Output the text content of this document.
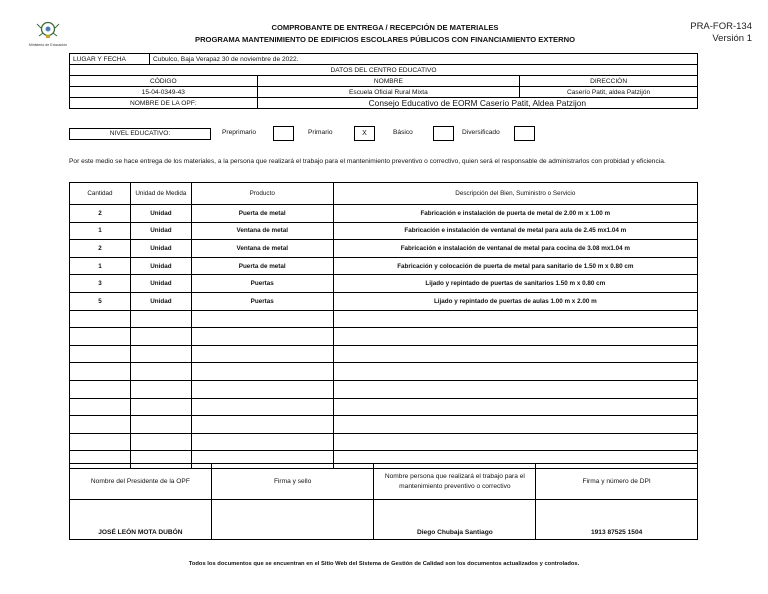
Ministerio de Educación
COMPROBANTE DE ENTREGA / RECEPCIÓN DE MATERIALES
PROGRAMA MANTENIMIENTO DE EDIFICIOS ESCOLARES PÚBLICOS CON FINANCIAMIENTO EXTERNO
PRA-FOR-134
Versión 1
LUGAR Y FECHA	Cubulco, Baja Verapaz 30 de noviembre de 2022.		
DATOS DEL CENTRO EDUCATIVO			
CÓDIGO		NOMBRE	DIRECCIÓN
15-04-0349-43		Escuela Oficial Rural Mixta	Caserío Patit, aldea Patzijón
NOMBRE DE LA OPF:		Consejo Educativo de EORM Caserío Patit, Aldea Patzijon	
NIVEL EDUCATIVO:	Preprimario	Primario	X	Básico	Diversificado
Por este medio se hace entrega de los materiales, a la persona que realizará el trabajo para el mantenimiento preventivo o correctivo, quien será el responsable de administrarlos con probidad y eficiencia.
Cantidad	Unidad de Medida	Producto	Descripción del Bien, Suministro o Servicio
2	Unidad	Puerta de metal	Fabricación e instalación de puerta de metal de 2.00 m x 1.00 m
1	Unidad	Ventana de metal	Fabricación e instalación de ventanal de metal para aula de 2.45 mx1.04 m
2	Unidad	Ventana de metal	Fabricación e instalación de ventanal de metal para cocina de 3.08 mx1.04 m
1	Unidad	Puerta de metal	Fabricación y colocación de puerta de metal para sanitario de 1.50 m x 0.80 cm
3	Unidad	Puertas	Lijado y repintado de puertas de sanitarios 1.50 m x 0.80 cm
5	Unidad	Puertas	Lijado y repintado de puertas de aulas 1.00 m x 2.00 m

Nombre del Presidente de la OPF	Firma y sello	Nombre persona que realizará el trabajo para el mantenimiento preventivo o correctivo	Firma y número de DPI
JOSÉ LEÓN MOTA DUBÓN		Diego Chubaja Santiago	1913 87525 1504
Todos los documentos que se encuentran en el Sitio Web del Sistema de Gestión de Calidad son los documentos actualizados y controlados.
